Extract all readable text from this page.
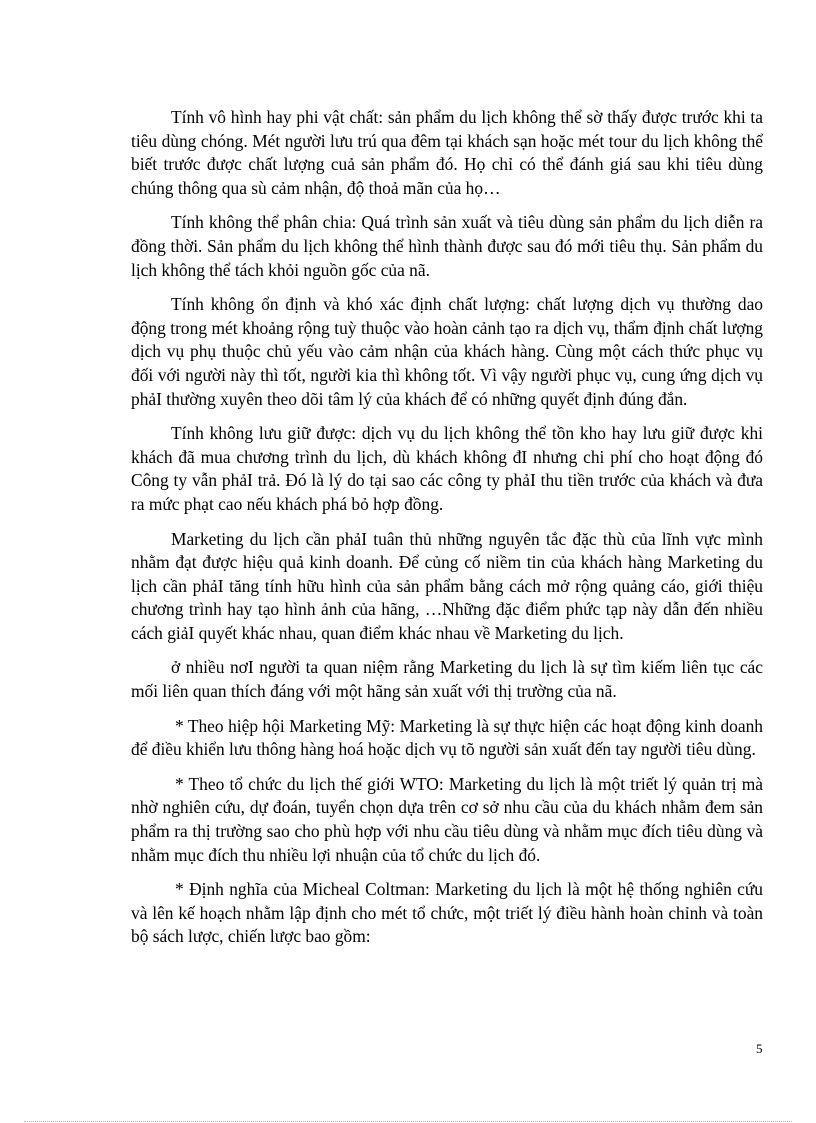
Tính vô hình hay phi vật chất: sản phẩm du lịch không thể sờ thấy được trước khi ta tiêu dùng chóng. Mét người lưu trú qua đêm tại khách sạn hoặc mét tour du lịch không thể biết trước được chất lượng cuả sản phẩm đó. Họ chỉ có thể đánh giá sau khi tiêu dùng chúng thông qua sù cảm nhận, độ thoả mãn của họ…

Tính không thể phân chia: Quá trình sản xuất và tiêu dùng sản phẩm du lịch diễn ra đồng thời. Sản phẩm du lịch không thể hình thành được sau đó mới tiêu thụ. Sản phẩm du lịch không thể tách khỏi nguồn gốc của nã.

Tính không ổn định và khó xác định chất lượng: chất lượng dịch vụ thường dao động trong mét khoảng rộng tuỳ thuộc vào hoàn cảnh tạo ra dịch vụ, thẩm định chất lượng dịch vụ phụ thuộc chủ yếu vào cảm nhận của khách hàng. Cùng một cách thức phục vụ đối với người này thì tốt, người kia thì không tốt. Vì vậy người phục vụ, cung ứng dịch vụ phảI thường xuyên theo dõi tâm lý của khách để có những quyết định đúng đắn.

Tính không lưu giữ được: dịch vụ du lịch không thể tồn kho hay lưu giữ được khi khách đã mua chương trình du lịch, dù khách không đI nhưng chi phí cho hoạt động đó Công ty vẫn phảI trả. Đó là lý do tại sao các công ty phảI thu tiền trước của khách và đưa ra mức phạt cao nếu khách phá bỏ hợp đồng.

Marketing du lịch cần phảI tuân thủ những nguyên tắc đặc thù của lĩnh vực mình nhằm đạt được hiệu quả kinh doanh. Để củng cố niềm tin của khách hàng Marketing du lịch cần phảI tăng tính hữu hình của sản phẩm bằng cách mở rộng quảng cáo, giới thiệu chương trình hay tạo hình ảnh của hãng, …Những đặc điểm phức tạp này dẫn đến nhiều cách giảI quyết khác nhau, quan điểm khác nhau về Marketing du lịch.

ở nhiều nơI người ta quan niệm rằng Marketing du lịch là sự tìm kiếm liên tục các mối liên quan thích đáng với một hãng sản xuất với thị trường của nã.

* Theo hiệp hội Marketing Mỹ: Marketing là sự thực hiện các hoạt động kinh doanh để điều khiển lưu thông hàng hoá hoặc dịch vụ tõ người sản xuất đến tay người tiêu dùng.

* Theo tổ chức du lịch thế giới WTO: Marketing du lịch là một triết lý quản trị mà nhờ nghiên cứu, dự đoán, tuyển chọn dựa trên cơ sở nhu cầu của du khách nhằm đem sản phẩm ra thị trường sao cho phù hợp với nhu cầu tiêu dùng và nhằm mục đích tiêu dùng và nhằm mục đích thu nhiều lợi nhuận của tổ chức du lịch đó.

* Định nghĩa của Micheal Coltman: Marketing du lịch là một hệ thống nghiên cứu và lên kế hoạch nhằm lập định cho mét tổ chức, một triết lý điều hành hoàn chỉnh và toàn bộ sách lược, chiến lược bao gồm:

5
